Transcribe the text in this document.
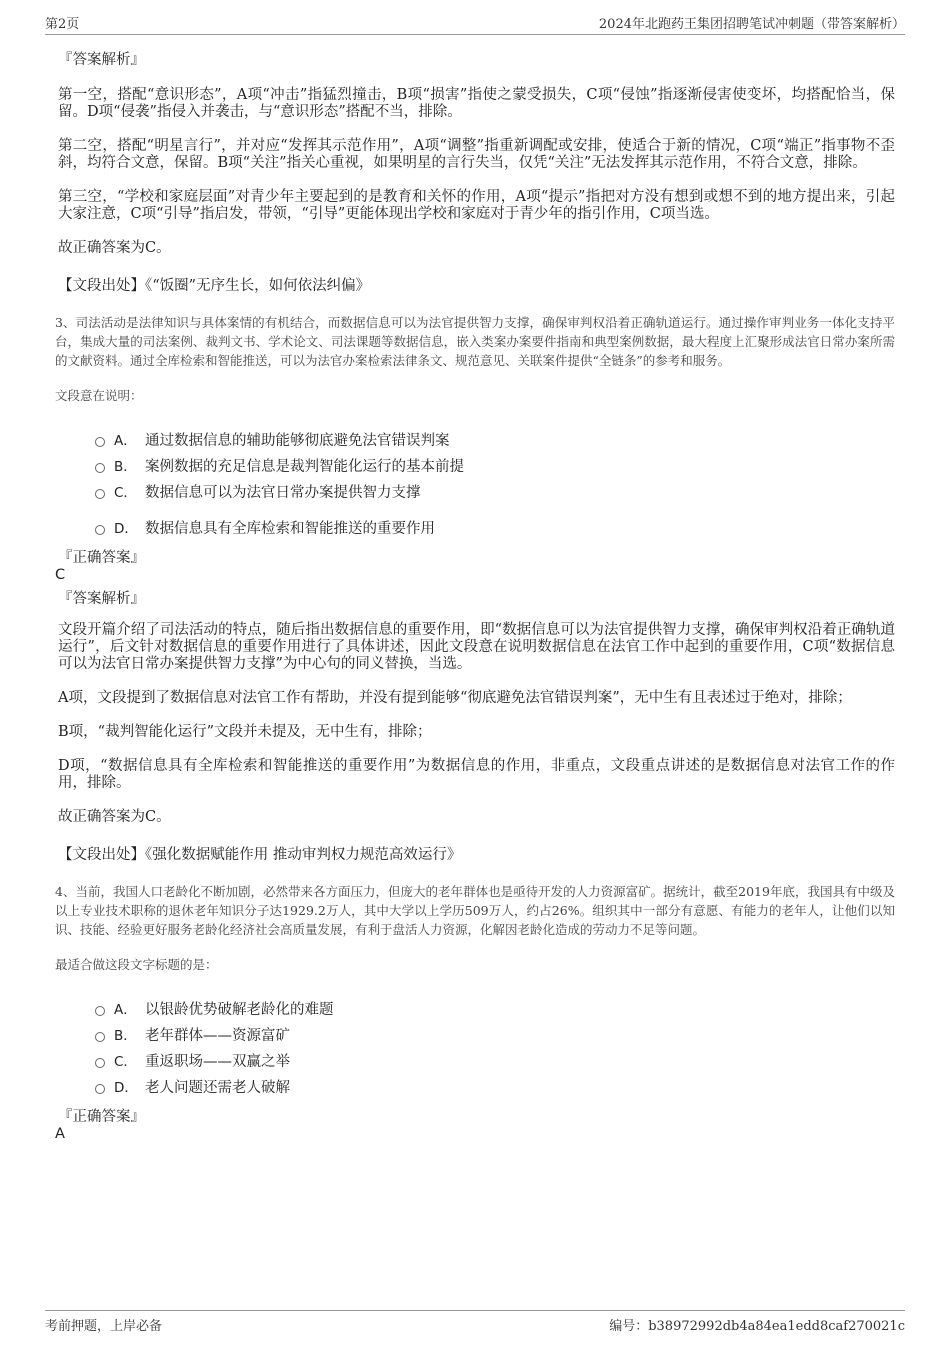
第2页	2024年北跑药王集团招聘笔试冲刺题（带答案解析）
『答案解析』
第一空，搭配“意识形态”，A项“冲击”指猛烈撞击，B项“损害”指使之蒙受损失，C项“侵蚀”指逐渐侵害使变坏，均搭配恰当，保留。D项“侵袭”指侵入并袭击，与“意识形态”搭配不当，排除。
第二空，搭配“明星言行”，并对应“发挥其示范作用”，A项“调整”指重新调配或安排，使适合于新的情况，C项“端正”指事物不歪斜，均符合文意，保留。B项“关注”指关心重视，如果明星的言行失当，仅凭“关注”无法发挥其示范作用，不符合文意，排除。
第三空，“学校和家庭层面”对青少年主要起到的是教育和关怀的作用，A项“提示”指把对方没有想到或想不到的地方提出来，引起大家注意，C项“引导”指启发，带领，“引导”更能体现出学校和家庭对于青少年的指引作用，C项当选。
故正确答案为C。
【文段出处】《“饭圈”无序生长，如何依法纠偏》
3、司法活动是法律知识与具体案情的有机结合，而数据信息可以为法官提供智力支撑，确保审判权沿着正确轨道运行。通过操作审判业务一体化支持平台，集成大量的司法案例、裁判文书、学术论文、司法课题等数据信息，嵌入类案办案要件指南和典型案例数据，最大程度上汇聚形成法官日常办案所需的文献资料。通过全库检索和智能推送，可以为法官办案检索法律条文、规范意见、关联案件提供“全链条”的参考和服务。
文段意在说明：
A． 通过数据信息的辅助能够彻底避免法官错误判案
B． 案例数据的充足信息是裁判智能化运行的基本前提
C． 数据信息可以为法官日常办案提供智力支撑
D． 数据信息具有全库检索和智能推送的重要作用
『正确答案』
C
『答案解析』
文段开篇介绍了司法活动的特点，随后指出数据信息的重要作用，即“数据信息可以为法官提供智力支撑，确保审判权沿着正确轨道运行”，后文针对数据信息的重要作用进行了具体讲述，因此文段意在说明数据信息在法官工作中起到的重要作用，C项“数据信息可以为法官日常办案提供智力支撑”为中心句的同义替换，当选。
A项，文段提到了数据信息对法官工作有帮助，并没有提到能够“彻底避免法官错误判案”，无中生有且表述过于绝对，排除；
B项，“裁判智能化运行”文段并未提及，无中生有，排除；
D项，“数据信息具有全库检索和智能推送的重要作用”为数据信息的作用，非重点，文段重点讲述的是数据信息对法官工作的作用，排除。
故正确答案为C。
【文段出处】《强化数据赋能作用 推动审判权力规范高效运行》
4、当前，我国人口老龄化不断加剧，必然带来各方面压力，但庞大的老年群体也是亟待开发的人力资源富矿。据统计，截至2019年底，我国具有中级及以上专业技术职称的退休老年知识分子达1929.2万人，其中大学以上学历509万人，约占26%。组织其中一部分有意愿、有能力的老年人，让他们以知识、技能、经验更好服务老龄化经济社会高质量发展，有利于盘活人力资源，化解因老龄化造成的劳动力不足等问题。
最适合做这段文字标题的是：
A． 以银龄优势破解老龄化的难题
B． 老年群体——资源富矿
C． 重返职场——双赢之举
D． 老人问题还需老人破解
『正确答案』
A
考前押题，上岸必备	编号：b38972992db4a84ea1edd8caf270021c
